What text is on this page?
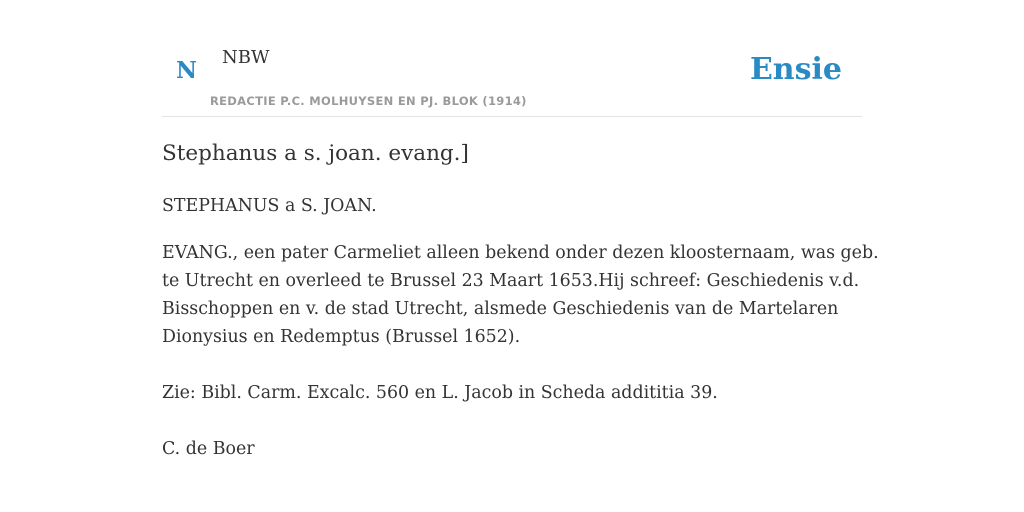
N NBW
REDACTIE P.C. MOLHUYSEN EN PJ. BLOK (1914)
Ensie
Stephanus a s. joan. evang.]

STEPHANUS a S. JOAN.

EVANG., een pater Carmeliet alleen bekend onder dezen kloosternaam, was geb. te Utrecht en overleed te Brussel 23 Maart 1653.Hij schreef: Geschiedenis v.d. Bisschoppen en v. de stad Utrecht, alsmede Geschiedenis van de Martelaren Dionysius en Redemptus (Brussel 1652).

Zie: Bibl. Carm. Excalc. 560 en L. Jacob in Scheda addititia 39.

C. de Boer
